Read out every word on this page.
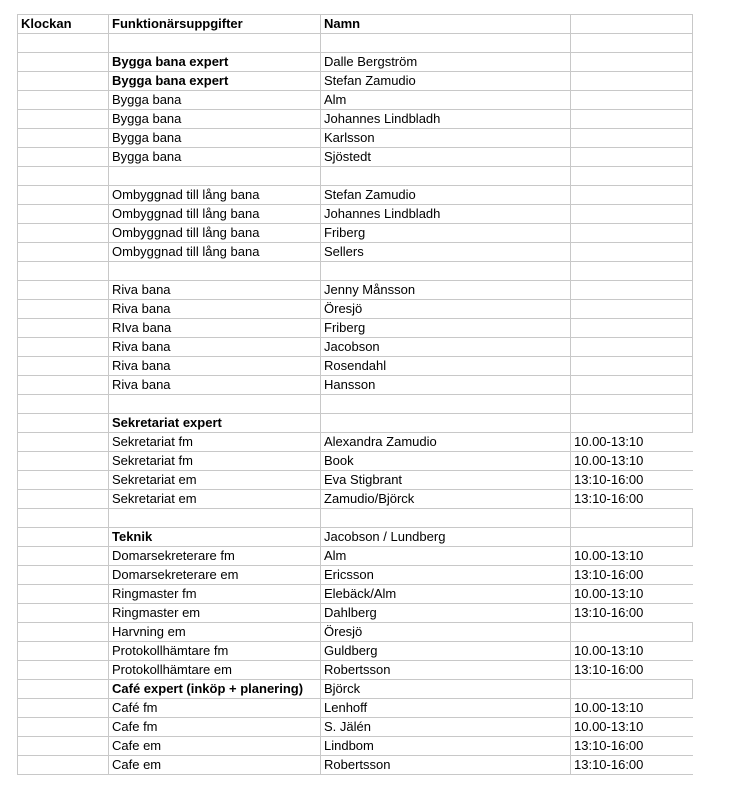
Klockan	Funktionärsuppgifter	Namn	

	Bygga bana expert	Dalle Bergström	
	Bygga bana expert	Stefan Zamudio	
	Bygga bana	Alm	
	Bygga bana	Johannes Lindbladh	
	Bygga bana	Karlsson	
	Bygga bana	Sjöstedt	

	Ombyggnad till lång bana	Stefan Zamudio	
	Ombyggnad till lång bana	Johannes Lindbladh	
	Ombyggnad till lång bana	Friberg	
	Ombyggnad till lång bana	Sellers	

	Riva bana	Jenny Månsson	
	Riva bana	Öresjö	
	RIva bana	Friberg	
	Riva bana	Jacobson	
	Riva bana	Rosendahl	
	Riva bana	Hansson	

	Sekretariat expert		
	Sekretariat fm	Alexandra Zamudio	10.00-13:10
	Sekretariat fm	Book	10.00-13:10
	Sekretariat em	Eva Stigbrant	13:10-16:00
	Sekretariat em	Zamudio/Björck	13:10-16:00

	Teknik	Jacobson / Lundberg	
	Domarsekreterare fm	Alm	10.00-13:10
	Domarsekreterare em	Ericsson	13:10-16:00
	Ringmaster fm	Elebäck/Alm	10.00-13:10
	Ringmaster em	Dahlberg	13:10-16:00
	Harvning em	Öresjö	
	Protokollhämtare fm	Guldberg	10.00-13:10
	Protokollhämtare em	Robertsson	13:10-16:00
	Café expert (inköp + planering)	Björck	
	Café fm	Lenhoff	10.00-13:10
	Cafe fm	S. Jälén	10.00-13:10
	Cafe em	Lindbom	13:10-16:00
	Cafe em	Robertsson	13:10-16:00
